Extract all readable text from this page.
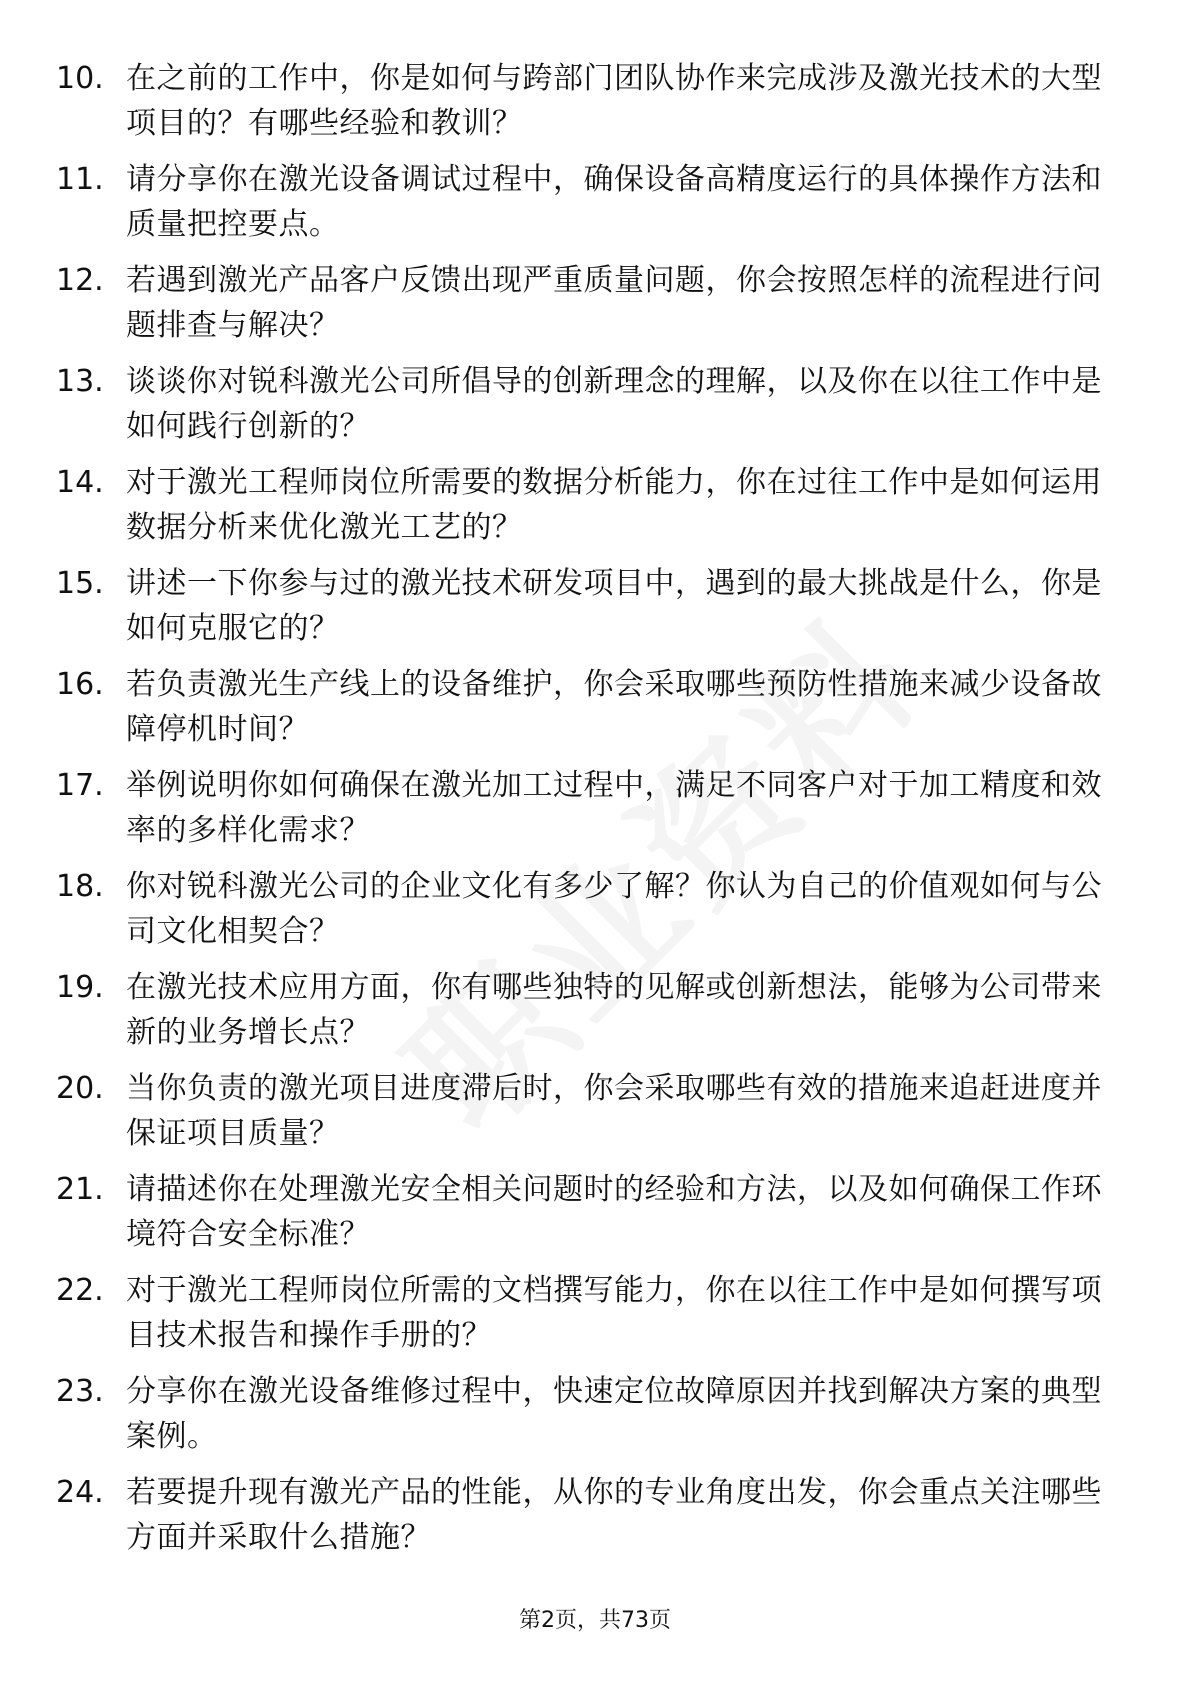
10. 在之前的工作中，你是如何与跨部门团队协作来完成涉及激光技术的大型项目的？有哪些经验和教训？
11. 请分享你在激光设备调试过程中，确保设备高精度运行的具体操作方法和质量把控要点。
12. 若遇到激光产品客户反馈出现严重质量问题，你会按照怎样的流程进行问题排查与解决？
13. 谈谈你对锐科激光公司所倡导的创新理念的理解，以及你在以往工作中是如何践行创新的？
14. 对于激光工程师岗位所需要的数据分析能力，你在过往工作中是如何运用数据分析来优化激光工艺的？
15. 讲述一下你参与过的激光技术研发项目中，遇到的最大挑战是什么，你是如何克服它的？
16. 若负责激光生产线上的设备维护，你会采取哪些预防性措施来减少设备故障停机时间？
17. 举例说明你如何确保在激光加工过程中，满足不同客户对于加工精度和效率的多样化需求？
18. 你对锐科激光公司的企业文化有多少了解？你认为自己的价值观如何与公司文化相契合？
19. 在激光技术应用方面，你有哪些独特的见解或创新想法，能够为公司带来新的业务增长点？
20. 当你负责的激光项目进度滞后时，你会采取哪些有效的措施来追赶进度并保证项目质量？
21. 请描述你在处理激光安全相关问题时的经验和方法，以及如何确保工作环境符合安全标准？
22. 对于激光工程师岗位所需的文档撰写能力，你在以往工作中是如何撰写项目技术报告和操作手册的？
23. 分享你在激光设备维修过程中，快速定位故障原因并找到解决方案的典型案例。
24. 若要提升现有激光产品的性能，从你的专业角度出发，你会重点关注哪些方面并采取什么措施？
第2页，共73页
